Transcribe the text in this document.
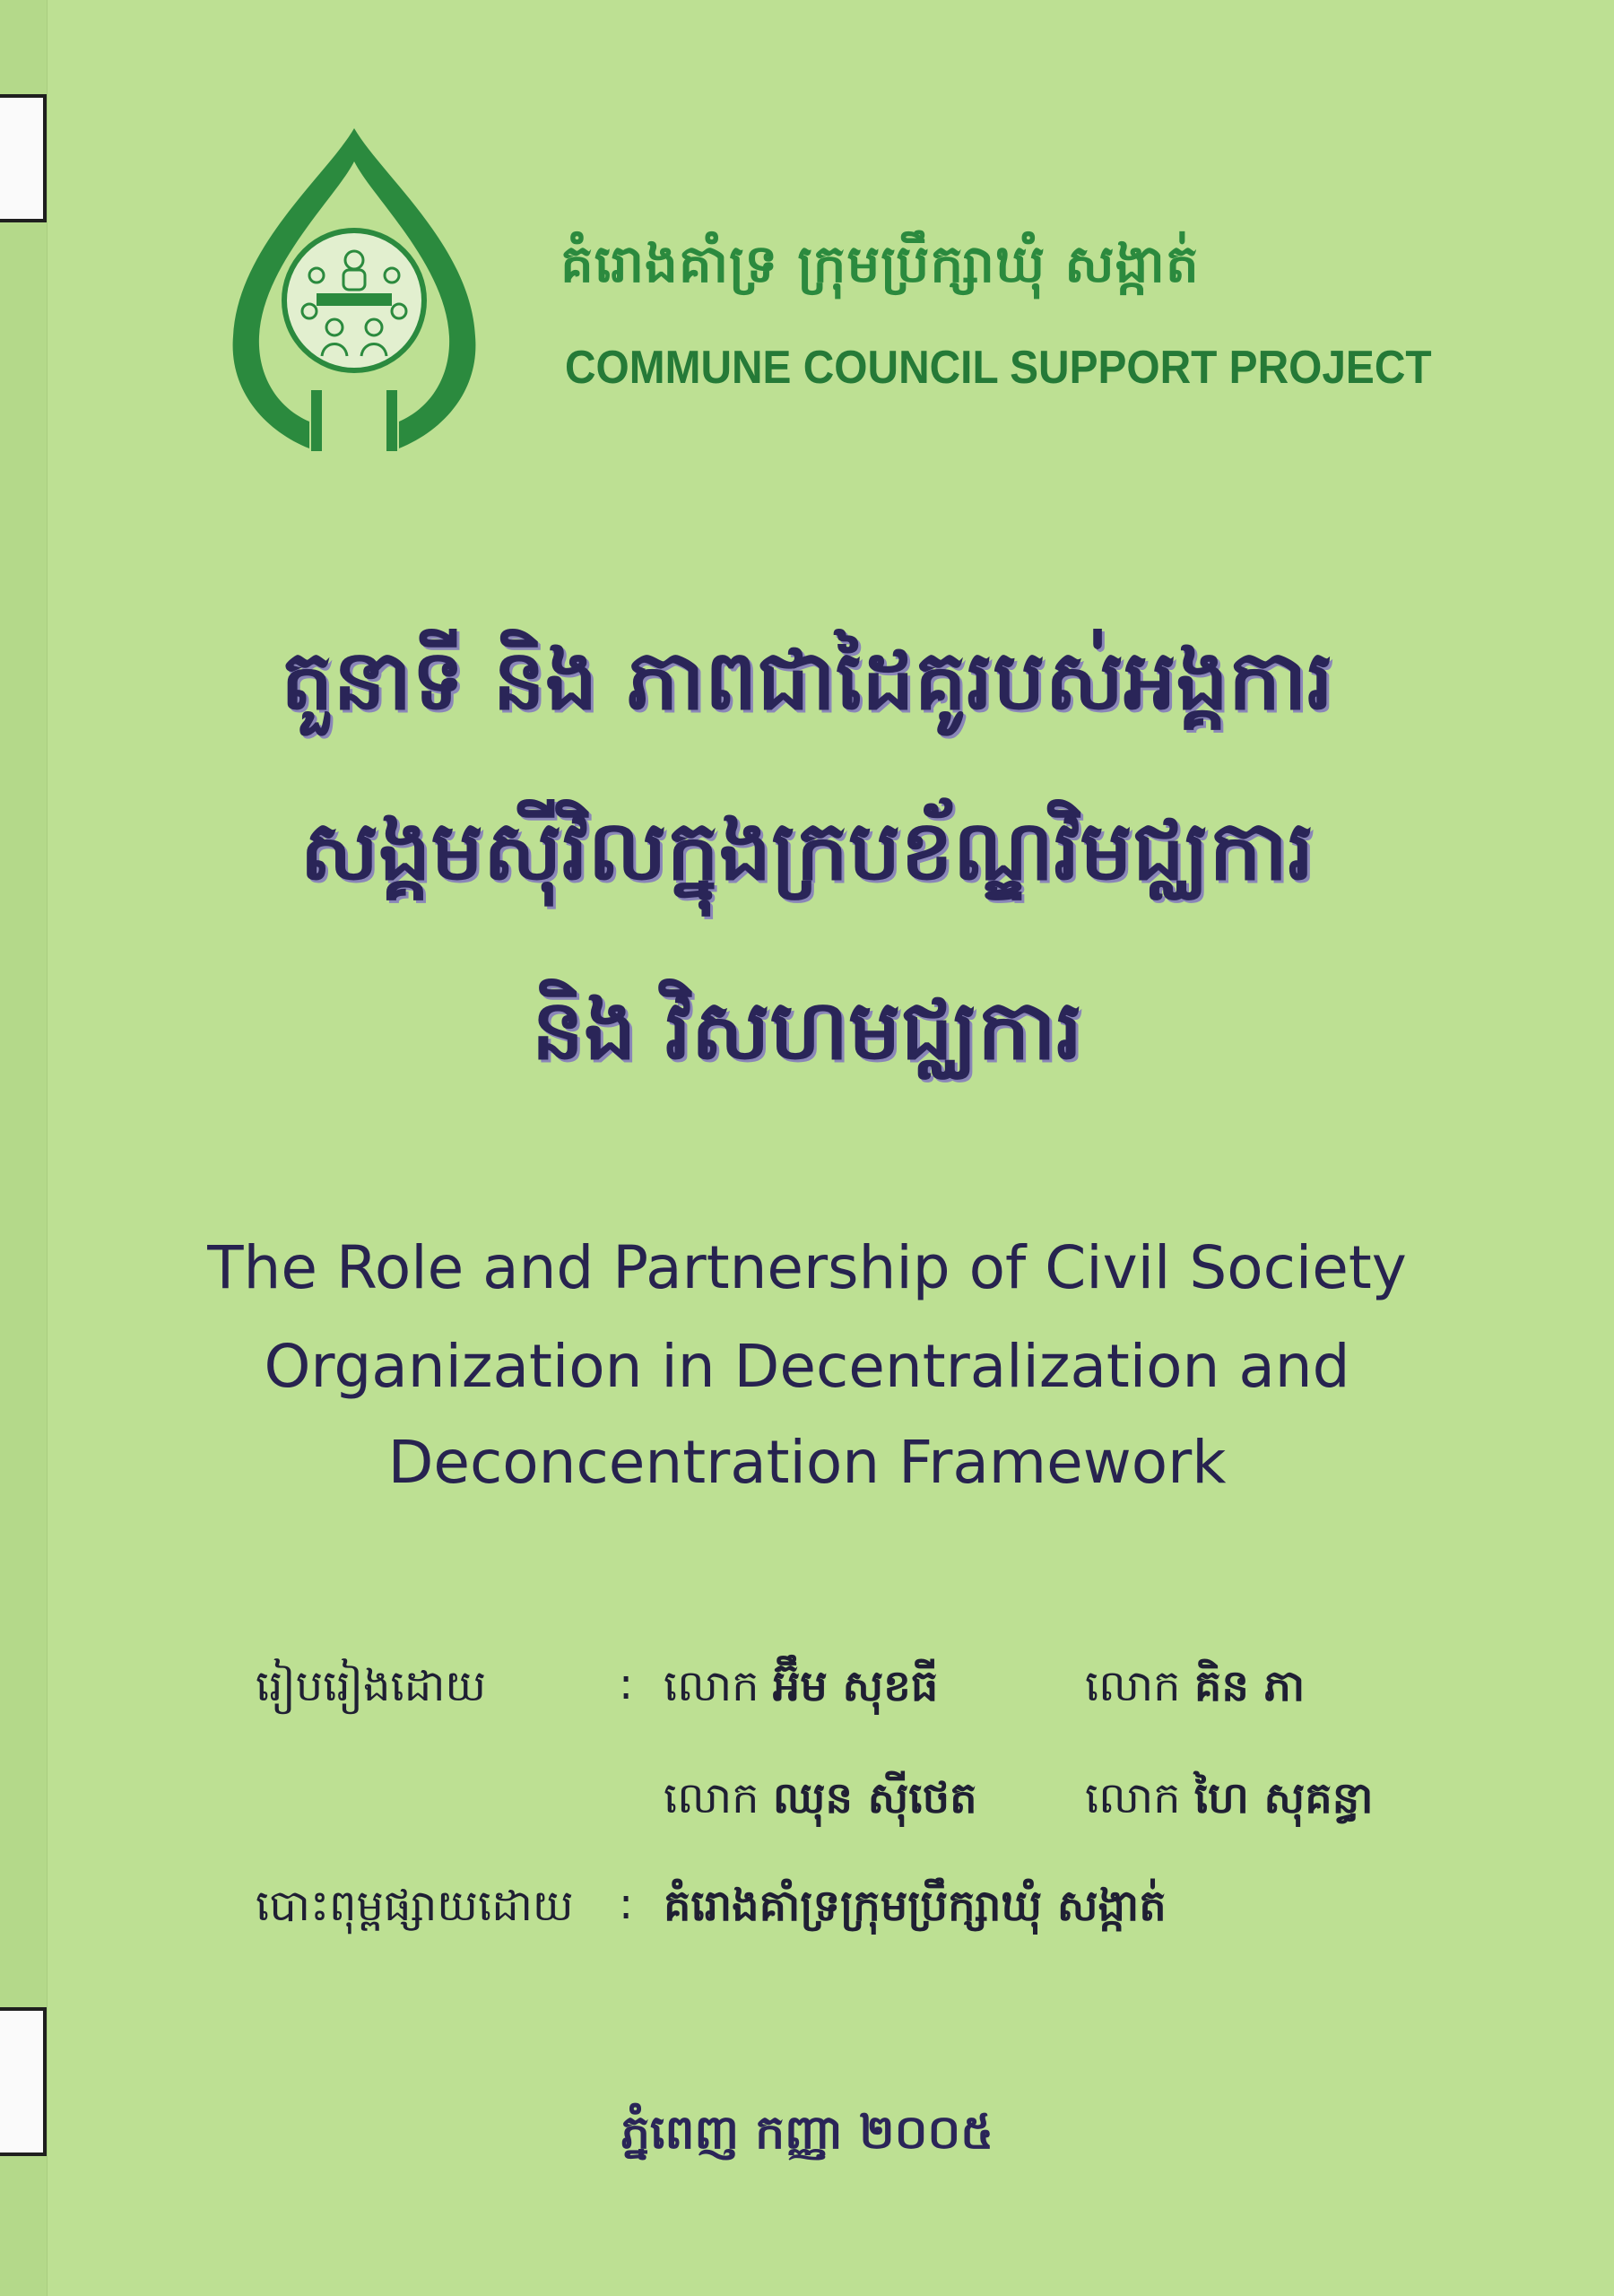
គំរោងគាំទ្រ ក្រុមប្រឹក្សាឃុំ សង្កាត់
COMMUNE COUNCIL SUPPORT PROJECT
តួនាទី និង ភាពជាដៃគូរបស់អង្គការ
សង្គមស៊ីវិលក្នុងក្របខ័ណ្ឌវិមជ្ឈការ
និង វិសហមជ្ឈការ
The Role and Partnership of Civil Society
Organization in Decentralization and
Deconcentration Framework
រៀបរៀងដោយ	: លោក អ៊ឹម សុខធី	លោក គិន ភា
លោក ឈុន ស៊ីថេត	លោក ហៃ សុគន្ធា
បោះពុម្ពផ្សាយដោយ : គំរោងគាំទ្រក្រុមប្រឹក្សាឃុំ សង្កាត់
ភ្នំពេញ កញ្ញា ២០០៥
